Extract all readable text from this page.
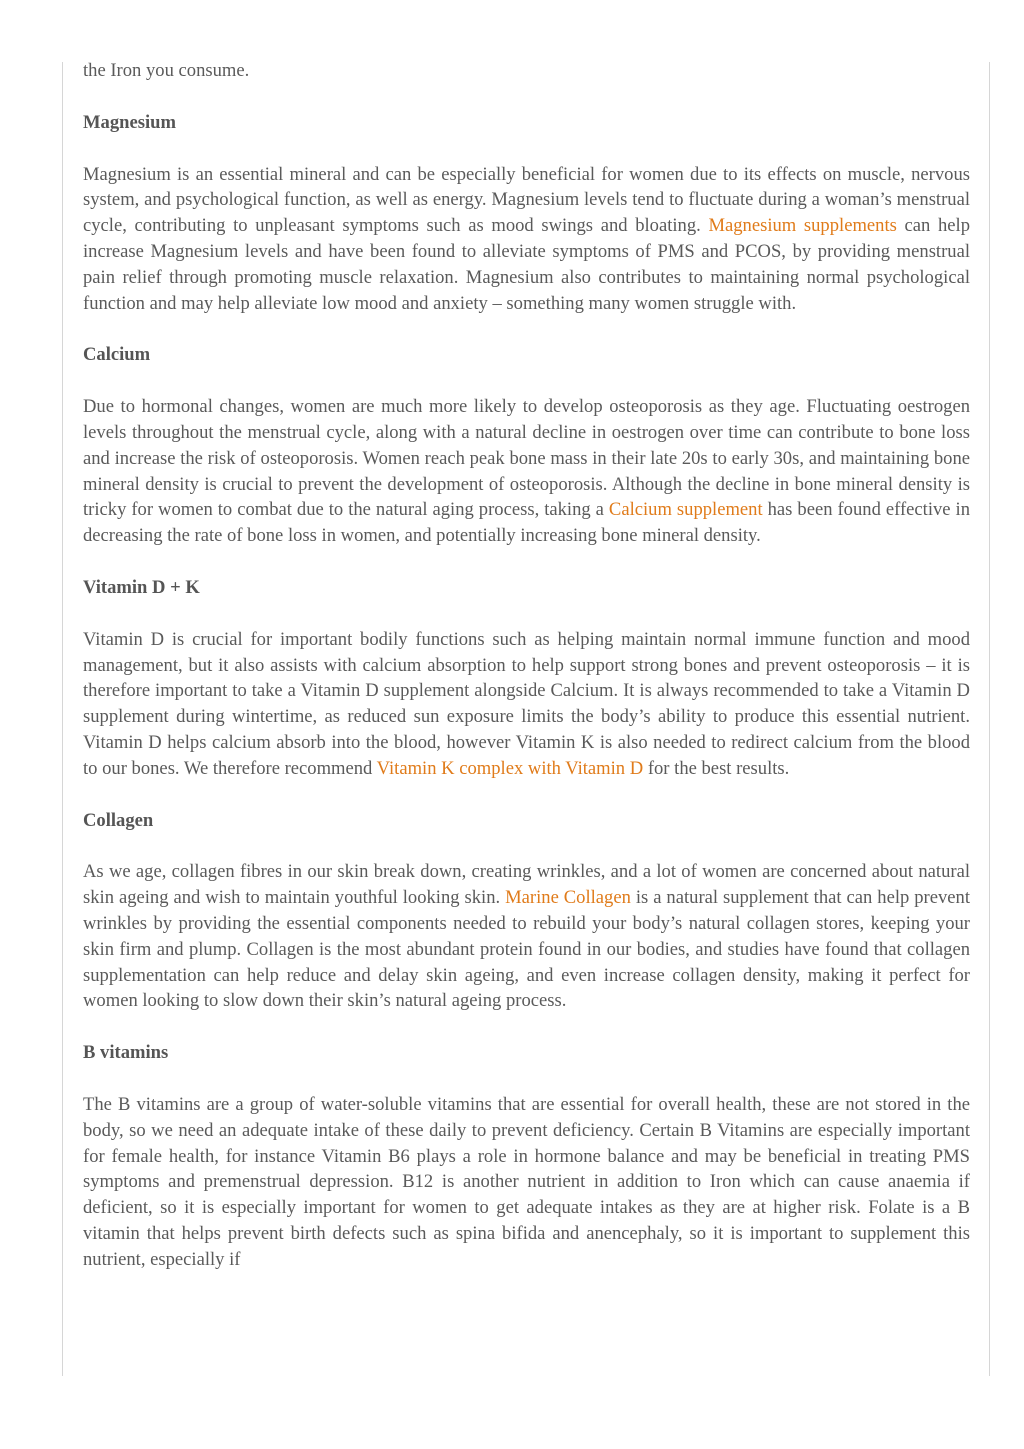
the Iron you consume.

Magnesium

Magnesium is an essential mineral and can be especially beneficial for women due to its effects on muscle, nervous system, and psychological function, as well as energy. Magnesium levels tend to fluctuate during a woman’s menstrual cycle, contributing to unpleasant symptoms such as mood swings and bloating. Magnesium supplements can help increase Magnesium levels and have been found to alleviate symptoms of PMS and PCOS, by providing menstrual pain relief through promoting muscle relaxation. Magnesium also contributes to maintaining normal psychological function and may help alleviate low mood and anxiety – something many women struggle with.

Calcium

Due to hormonal changes, women are much more likely to develop osteoporosis as they age. Fluctuating oestrogen levels throughout the menstrual cycle, along with a natural decline in oestrogen over time can contribute to bone loss and increase the risk of osteoporosis. Women reach peak bone mass in their late 20s to early 30s, and maintaining bone mineral density is crucial to prevent the development of osteoporosis. Although the decline in bone mineral density is tricky for women to combat due to the natural aging process, taking a Calcium supplement has been found effective in decreasing the rate of bone loss in women, and potentially increasing bone mineral density.

Vitamin D + K

Vitamin D is crucial for important bodily functions such as helping maintain normal immune function and mood management, but it also assists with calcium absorption to help support strong bones and prevent osteoporosis – it is therefore important to take a Vitamin D supplement alongside Calcium. It is always recommended to take a Vitamin D supplement during wintertime, as reduced sun exposure limits the body’s ability to produce this essential nutrient. Vitamin D helps calcium absorb into the blood, however Vitamin K is also needed to redirect calcium from the blood to our bones. We therefore recommend Vitamin K complex with Vitamin D for the best results.

Collagen

As we age, collagen fibres in our skin break down, creating wrinkles, and a lot of women are concerned about natural skin ageing and wish to maintain youthful looking skin. Marine Collagen is a natural supplement that can help prevent wrinkles by providing the essential components needed to rebuild your body’s natural collagen stores, keeping your skin firm and plump. Collagen is the most abundant protein found in our bodies, and studies have found that collagen supplementation can help reduce and delay skin ageing, and even increase collagen density, making it perfect for women looking to slow down their skin’s natural ageing process.

B vitamins

The B vitamins are a group of water-soluble vitamins that are essential for overall health, these are not stored in the body, so we need an adequate intake of these daily to prevent deficiency. Certain B Vitamins are especially important for female health, for instance Vitamin B6 plays a role in hormone balance and may be beneficial in treating PMS symptoms and premenstrual depression. B12 is another nutrient in addition to Iron which can cause anaemia if deficient, so it is especially important for women to get adequate intakes as they are at higher risk. Folate is a B vitamin that helps prevent birth defects such as spina bifida and anencephaly, so it is important to supplement this nutrient, especially if
